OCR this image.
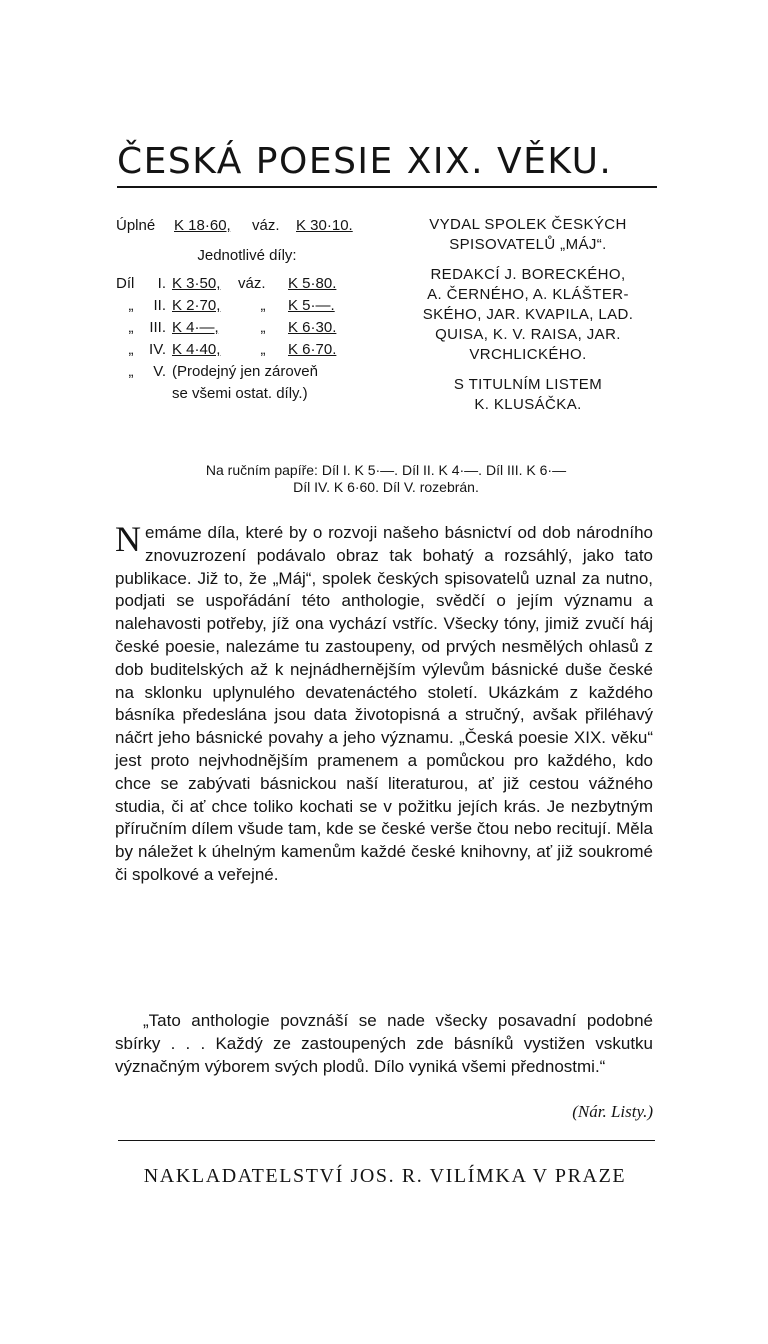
ČESKÁ POESIE XIX. VĚKU.
Úplné	K 18·60,	váz.	K 30·10.
Jednotlivé díly:
Díl	I. K 3·50,	váz.	K 5·80.
„	II. K 2·70,	„	K 5·—.
„	III. K 4·—,	„	K 6·30.
„	IV. K 4·40,	„	K 6·70.
„	V. (Prodejný jen zároveň
se všemi ostat. díly.)
VYDAL SPOLEK ČESKÝCH
SPISOVATELŮ „MÁJ“.
REDAKCÍ J. BORECKÉHO,
A. ČERNÉHO, A. KLÁŠTER-
SKÉHO, JAR. KVAPILA, LAD.
QUISA, K. V. RAISA, JAR.
VRCHLICKÉHO.
S TITULNÍM LISTEM
K. KLUSÁČKA.
Na ručním papíře: Díl I. K 5·—. Díl II. K 4·—. Díl III. K 6·—
Díl IV. K 6·60. Díl V. rozebrán.
Nemáme díla, které by o rozvoji našeho básnictví od dob národního znovuzrození podávalo obraz tak bohatý a rozsáhlý, jako tato publikace. Již to, že „Máj“, spolek českých spisovatelů uznal za nutno, podjati se uspořádání této anthologie, svědčí o jejím významu a nalehavosti potřeby, jíž ona vychází vstříc. Všecky tóny, jimiž zvučí háj české poesie, nalezáme tu zastoupeny, od prvých nesmělých ohlasů z dob buditelských až k nejnádhernějším výlevům básnické duše české na sklonku uplynulého devatenáctého století. Ukázkám z každého básníka předeslána jsou data životopisná a stručný, avšak přiléhavý náčrt jeho básnické povahy a jeho významu. „Česká poesie XIX. věku“ jest proto nejvhodnějším pramenem a pomůckou pro každého, kdo chce se zabývati básnickou naší literaturou, ať již cestou vážného studia, či ať chce toliko kochati se v požitku jejích krás. Je nezbytným příručním dílem všude tam, kde se české verše čtou nebo recitují. Měla by náležet k úhelným kamenům každé české knihovny, ať již soukromé či spolkové a veřejné.
„Tato anthologie povznáší se nade všecky posavadní podobné sbírky . . . Každý ze zastoupených zde básníků vystižen vskutku význačným výborem svých plodů. Dílo vyniká všemi přednostmi.“
(Nár. Listy.)
NAKLADATELSTVÍ JOS. R. VILÍMKA V PRAZE
